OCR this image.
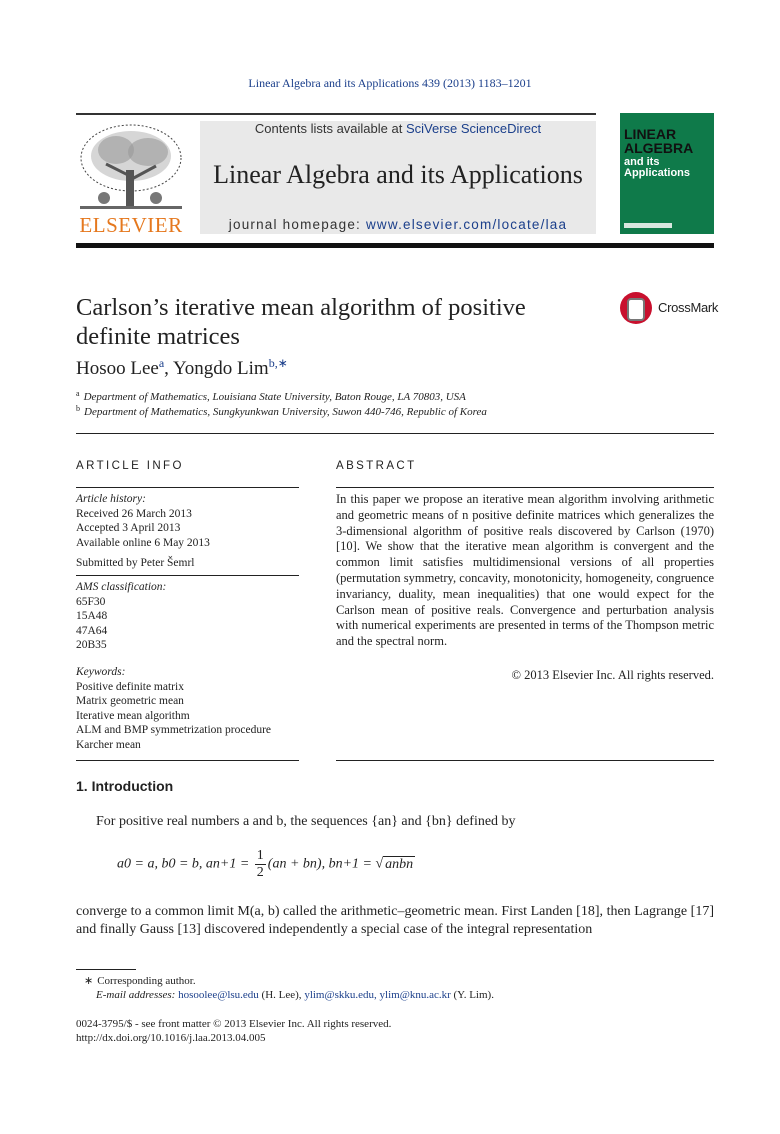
Linear Algebra and its Applications 439 (2013) 1183–1201
ELSEVIER
Contents lists available at SciVerse ScienceDirect
Linear Algebra and its Applications
journal homepage: www.elsevier.com/locate/laa
LINEAR ALGEBRA
and its Applications
Carlson’s iterative mean algorithm of positive definite matrices
CrossMark
Hosoo Lee$^a$, Yongdo Lim$^{b,∗}$
$^a$ Department of Mathematics, Louisiana State University, Baton Rouge, LA 70803, USA
$^b$ Department of Mathematics, Sungkyunkwan University, Suwon 440-746, Republic of Korea
ARTICLE INFO
Article history:
Received 26 March 2013
Accepted 3 April 2013
Available online 6 May 2013
Submitted by Peter Šemrl
AMS classification:
65F30
15A48
47A64
20B35
Keywords:
Positive definite matrix
Matrix geometric mean
Iterative mean algorithm
ALM and BMP symmetrization procedure
Karcher mean
ABSTRACT
In this paper we propose an iterative mean algorithm involving arithmetic and geometric means of n positive definite matrices which generalizes the 3-dimensional algorithm of positive reals discovered by Carlson (1970) [10]. We show that the iterative mean algorithm is convergent and the common limit satisfies multidimensional versions of all properties (permutation symmetry, concavity, monotonicity, homogeneity, congruence invariancy, duality, mean inequalities) that one would expect for the Carlson mean of positive reals. Convergence and perturbation analysis with numerical experiments are presented in terms of the Thompson metric and the spectral norm.
© 2013 Elsevier Inc. All rights reserved.
1. Introduction
For positive real numbers a and b, the sequences {an} and {bn} defined by
a0 = a, b0 = b, $an+1 = \frac{1}{2} (an + bn)$, bn+1 = √ anbn
converge to a common limit M(a, b) called the arithmetic–geometric mean. First Landen [18], then Lagrange [17] and finally Gauss [13] discovered independently a special case of the integral representation
∗ Corresponding author.
E-mail addresses: hosoolee@lsu.edu (H. Lee), ylim@skku.edu, ylim@knu.ac.kr (Y. Lim).
0024-3795/$ - see front matter © 2013 Elsevier Inc. All rights reserved.
http://dx.doi.org/10.1016/j.laa.2013.04.005
